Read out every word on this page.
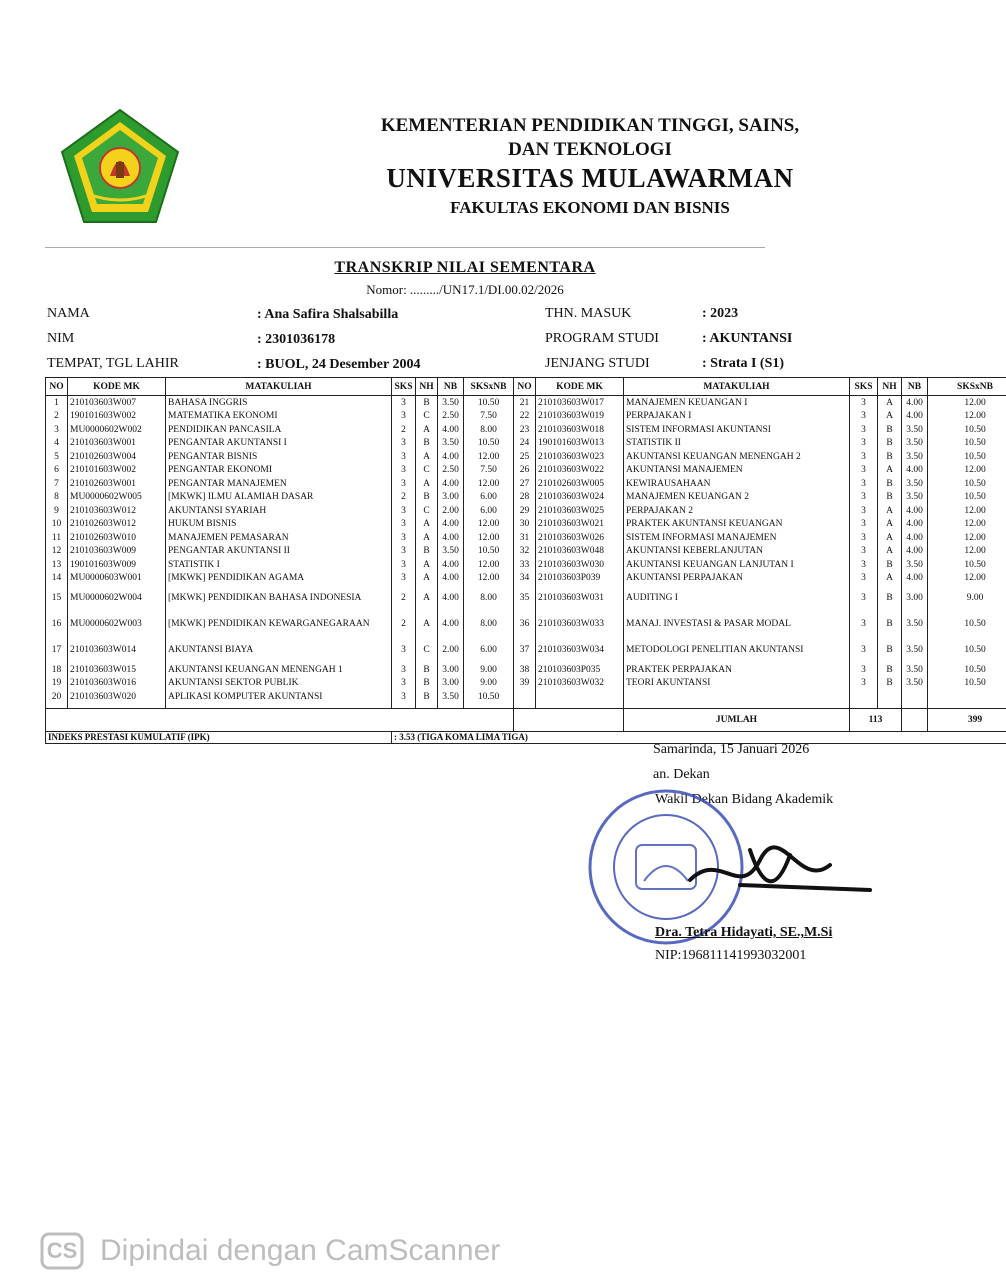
KEMENTERIAN PENDIDIKAN TINGGI, SAINS,
DAN TEKNOLOGI
UNIVERSITAS MULAWARMAN
FAKULTAS EKONOMI DAN BISNIS
TRANSKRIP NILAI SEMENTARA
Nomor: ........./UN17.1/DI.00.02/2026
NAMA	: Ana Safira Shalsabilla
NIM	: 2301036178
TEMPAT, TGL LAHIR	: BUOL, 24 Desember 2004
THN. MASUK	: 2023
PROGRAM STUDI	: AKUNTANSI
JENJANG STUDI	: Strata I (S1)
NO	KODE MK	MATAKULIAH	SKS	NH	NB	SKSxNB	NO	KODE MK	MATAKULIAH	SKS	NH	NB	SKSxNB
1	210103603W007	BAHASA INGGRIS	3	B	3.50	10.50	21	210103603W017	MANAJEMEN KEUANGAN I	3	A	4.00	12.00
2	190101603W002	MATEMATIKA EKONOMI	3	C	2.50	7.50	22	210103603W019	PERPAJAKAN I	3	A	4.00	12.00
3	MU0000602W002	PENDIDIKAN PANCASILA	2	A	4.00	8.00	23	210103603W018	SISTEM INFORMASI AKUNTANSI	3	B	3.50	10.50
4	210103603W001	PENGANTAR AKUNTANSI I	3	B	3.50	10.50	24	190101603W013	STATISTIK II	3	B	3.50	10.50
5	210102603W004	PENGANTAR BISNIS	3	A	4.00	12.00	25	210103603W023	AKUNTANSI KEUANGAN MENENGAH 2	3	B	3.50	10.50
6	210101603W002	PENGANTAR EKONOMI	3	C	2.50	7.50	26	210103603W022	AKUNTANSI MANAJEMEN	3	A	4.00	12.00
7	210102603W001	PENGANTAR MANAJEMEN	3	A	4.00	12.00	27	210102603W005	KEWIRAUSAHAAN	3	B	3.50	10.50
8	MU0000602W005	[MKWK] ILMU ALAMIAH DASAR	2	B	3.00	6.00	28	210103603W024	MANAJEMEN KEUANGAN 2	3	B	3.50	10.50
9	210103603W012	AKUNTANSI SYARIAH	3	C	2.00	6.00	29	210103603W025	PERPAJAKAN 2	3	A	4.00	12.00
10	210102603W012	HUKUM BISNIS	3	A	4.00	12.00	30	210103603W021	PRAKTEK AKUNTANSI KEUANGAN	3	A	4.00	12.00
11	210102603W010	MANAJEMEN PEMASARAN	3	A	4.00	12.00	31	210103603W026	SISTEM INFORMASI MANAJEMEN	3	A	4.00	12.00
12	210103603W009	PENGANTAR AKUNTANSI II	3	B	3.50	10.50	32	210103603W048	AKUNTANSI KEBERLANJUTAN	3	A	4.00	12.00
13	190101603W009	STATISTIK I	3	A	4.00	12.00	33	210103603W030	AKUNTANSI KEUANGAN LANJUTAN I	3	B	3.50	10.50
14	MU0000603W001	[MKWK] PENDIDIKAN AGAMA	3	A	4.00	12.00	34	210103603P039	AKUNTANSI PERPAJAKAN	3	A	4.00	12.00
15	MU0000602W004	[MKWK] PENDIDIKAN BAHASA INDONESIA	2	A	4.00	8.00	35	210103603W031	AUDITING I	3	B	3.00	9.00
16	MU0000602W003	[MKWK] PENDIDIKAN KEWARGANEGARAAN	2	A	4.00	8.00	36	210103603W033	MANAJ. INVESTASI & PASAR MODAL	3	B	3.50	10.50
17	210103603W014	AKUNTANSI BIAYA	3	C	2.00	6.00	37	210103603W034	METODOLOGI PENELITIAN AKUNTANSI	3	B	3.50	10.50
18	210103603W015	AKUNTANSI KEUANGAN MENENGAH 1	3	B	3.00	9.00	38	210103603P035	PRAKTEK PERPAJAKAN	3	B	3.50	10.50
19	210103603W016	AKUNTANSI SEKTOR PUBLIK	3	B	3.00	9.00	39	210103603W032	TEORI AKUNTANSI	3	B	3.50	10.50
20	210103603W020	APLIKASI KOMPUTER AKUNTANSI	3	B	3.50	10.50							

									JUMLAH	113			399
INDEKS PRESTASI KUMULATIF (IPK)			: 3.53 (TIGA KOMA LIMA TIGA)										
Samarinda, 15 Januari 2026
an. Dekan
Wakil Dekan Bidang Akademik
Dra. Tetra Hidayati, SE.,M.Si
NIP:196811141993032001
CS Dipindai dengan CamScanner
